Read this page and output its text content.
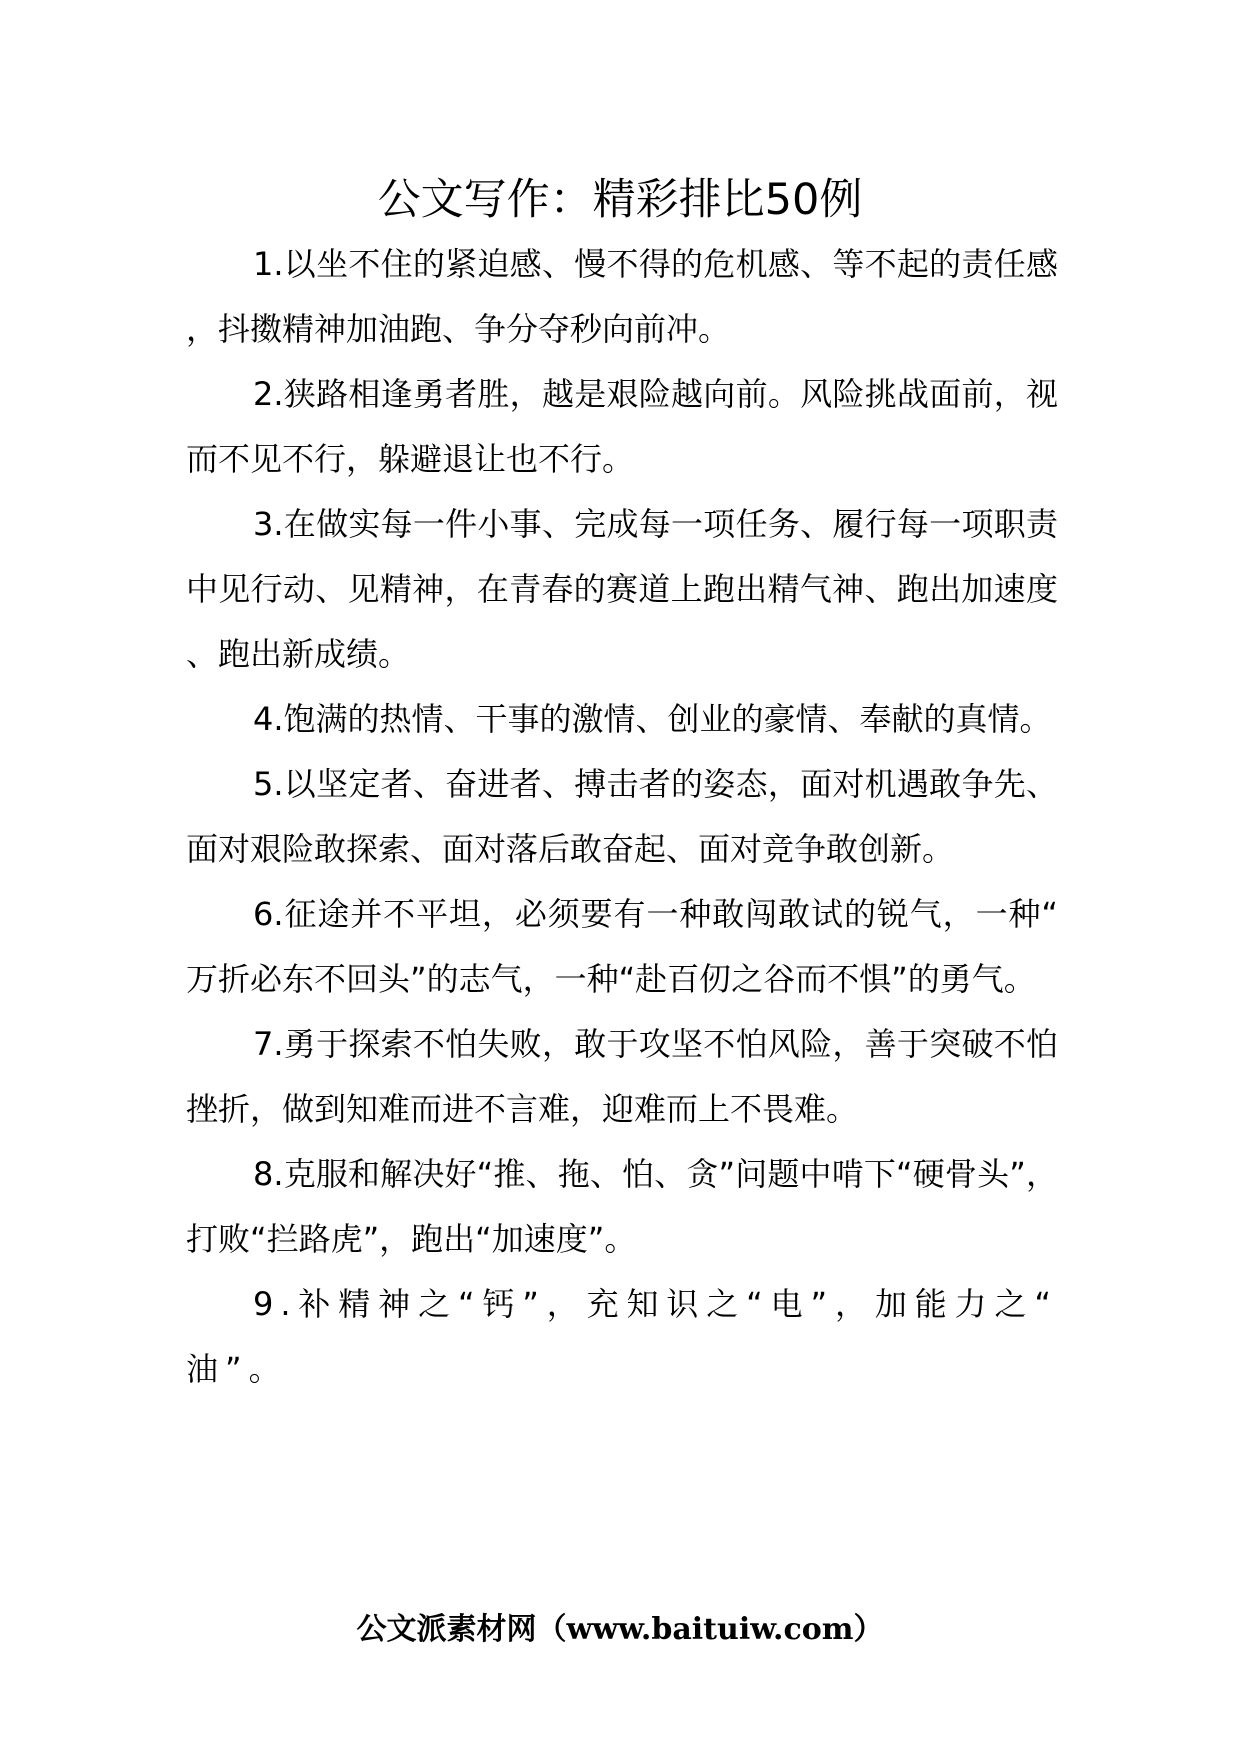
公文写作：精彩排比50例

1.以坐不住的紧迫感、慢不得的危机感、等不起的责任感，抖擞精神加油跑、争分夺秒向前冲。

2.狭路相逢勇者胜，越是艰险越向前。风险挑战面前，视而不见不行，躲避退让也不行。

3.在做实每一件小事、完成每一项任务、履行每一项职责中见行动、见精神，在青春的赛道上跑出精气神、跑出加速度、跑出新成绩。

4.饱满的热情、干事的激情、创业的豪情、奉献的真情。

5.以坚定者、奋进者、搏击者的姿态，面对机遇敢争先、面对艰险敢探索、面对落后敢奋起、面对竞争敢创新。

6.征途并不平坦，必须要有一种敢闯敢试的锐气，一种“万折必东不回头”的志气，一种“赴百仞之谷而不惧”的勇气。

7.勇于探索不怕失败，敢于攻坚不怕风险，善于突破不怕挫折，做到知难而进不言难，迎难而上不畏难。

8.克服和解决好“推、拖、怕、贪”问题中啃下“硬骨头”，打败“拦路虎”，跑出“加速度”。

9.补精神之“钙”，充知识之“电”，加能力之“油”。

公文派素材网（www.baituiw.com）
